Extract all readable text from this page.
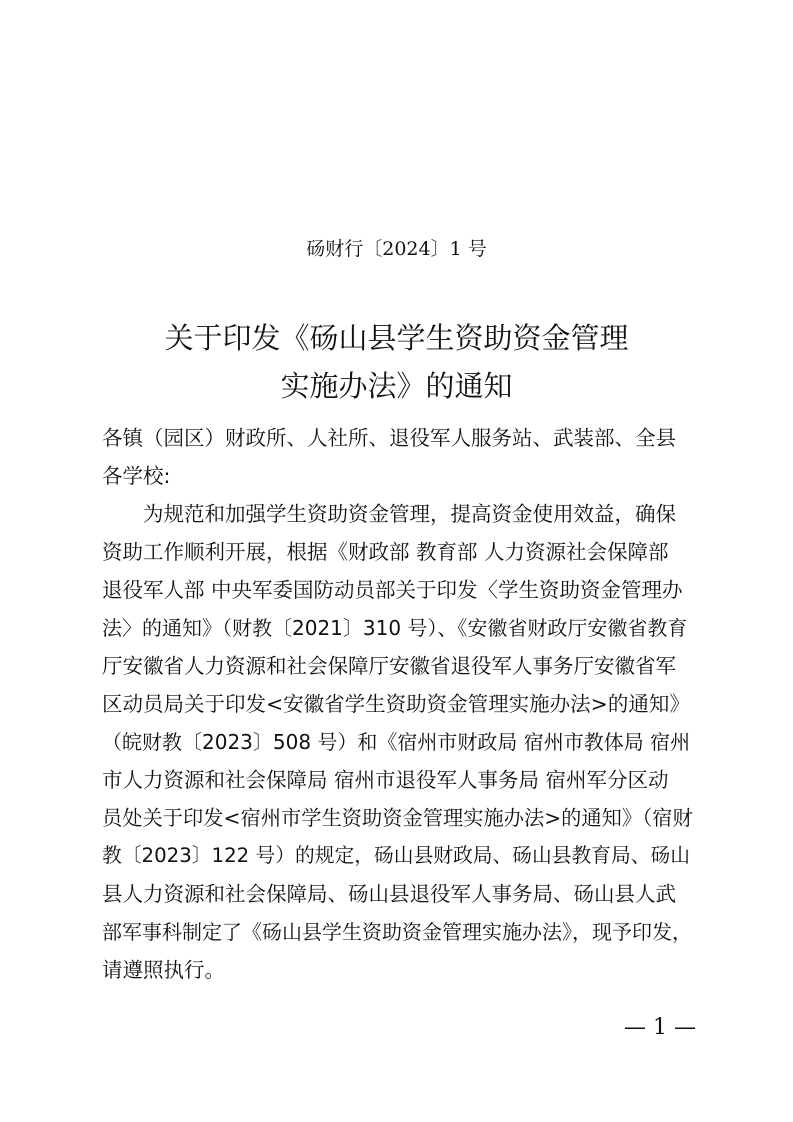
砀财行〔2024〕1 号
关于印发《砀山县学生资助资金管理
实施办法》的通知
各镇（园区）财政所、人社所、退役军人服务站、武装部、全县
各学校:
　　为规范和加强学生资助资金管理，提高资金使用效益，确保
资助工作顺利开展，根据《财政部 教育部 人力资源社会保障部
退役军人部 中央军委国防动员部关于印发〈学生资助资金管理办
法〉的通知》（财教〔2021〕310 号）、《安徽省财政厅安徽省教育
厅安徽省人力资源和社会保障厅安徽省退役军人事务厅安徽省军
区动员局关于印发<安徽省学生资助资金管理实施办法>的通知》
（皖财教〔2023〕508 号）和《宿州市财政局 宿州市教体局 宿州
市人力资源和社会保障局 宿州市退役军人事务局 宿州军分区动
员处关于印发<宿州市学生资助资金管理实施办法>的通知》（宿财
教〔2023〕122 号）的规定，砀山县财政局、砀山县教育局、砀山
县人力资源和社会保障局、砀山县退役军人事务局、砀山县人武
部军事科制定了《砀山县学生资助资金管理实施办法》，现予印发，
请遵照执行。
— 1 —
